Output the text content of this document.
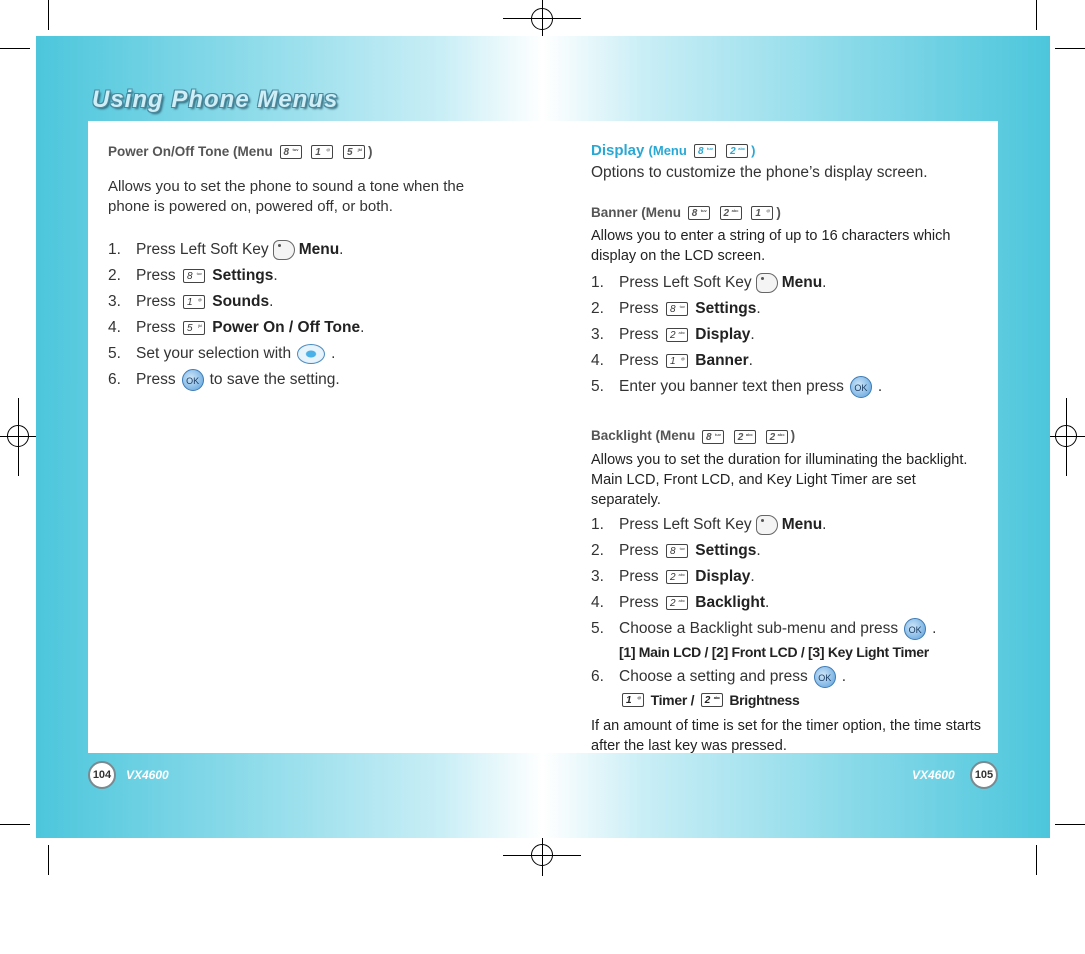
Using Phone Menus
Power On/Off Tone (Menu 8 tuv 1 @ 5 jkl )
Allows you to set the phone to sound a tone when the phone is powered on, powered off, or both.
1. Press Left Soft Key Menu .
2. Press
	8 tuv
Settings .
3. Press
	1 @
Sounds .
4. Press
	5 jkl
Power On / Off Tone .
5. Set your selection with	.
6. Press	OK to save the setting.
Display (Menu 8 tuv 2 abc )
Options to customize the phone’s display screen.
Banner (Menu 8 tuv 2 abc 1 @ )
Allows you to enter a string of up to 16 characters which display on the LCD screen.
1. Press Left Soft Key Menu .
2. Press
	8 tuv
Settings .
3. Press
	2 abc
Display .
4. Press
	1 @
Banner .
5. Enter you banner text then press	OK .
Backlight (Menu 8 tuv 2 abc 2 abc )
Allows you to set the duration for illuminating the backlight. Main LCD, Front LCD, and Key Light Timer are set separately.
1. Press Left Soft Key Menu .
2. Press
	8 tuv
Settings .
3. Press
	2 abc
Display .
4. Press
	2 abc
Backlight .
5. Choose a Backlight sub-menu and press	OK .
[1] Main LCD / [2] Front LCD / [3] Key Light Timer
6. Choose a setting and press	OK .
1 @
Timer
/
	2 abc
Brightness
If an amount of time is set for the timer option, the time starts after the last key was pressed.
104	VX4600	VX4600	105
